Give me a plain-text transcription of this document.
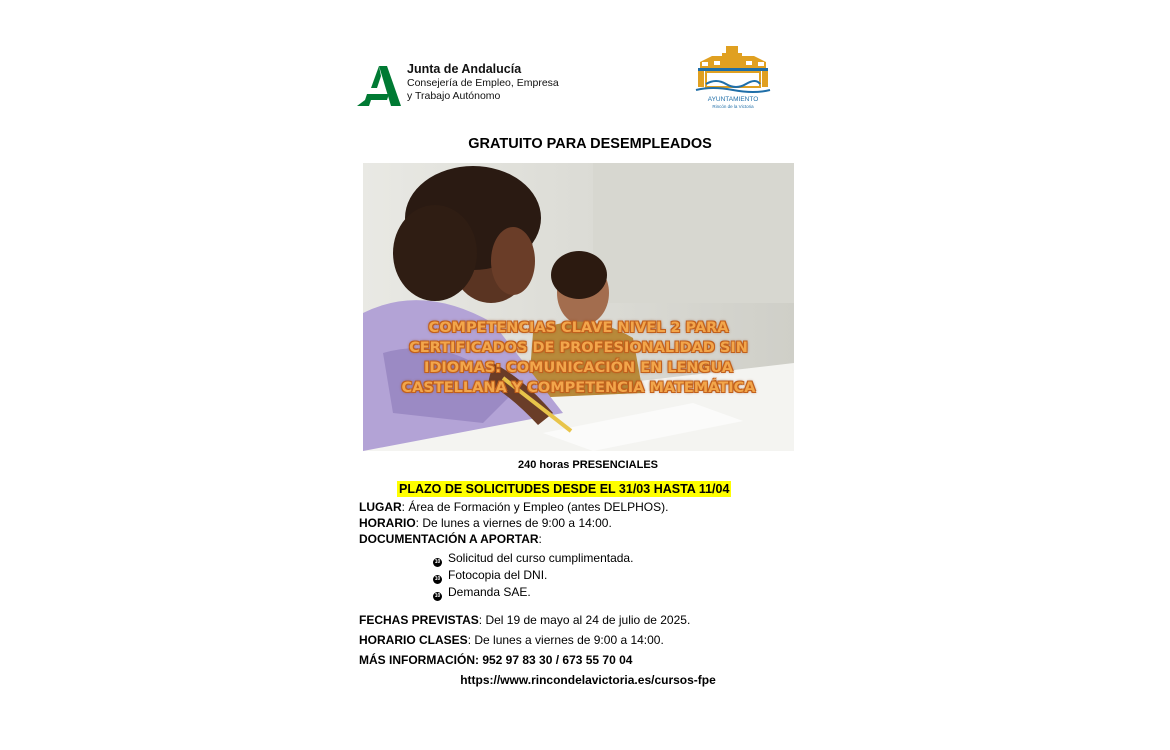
Junta de Andalucía
Consejería de Empleo, Empresa
y Trabajo Autónomo	AYUNTAMIENTO
Rincón de la Victoria
GRATUITO PARA DESEMPLEADOS
COMPETENCIAS CLAVE NIVEL 2 PARA CERTIFICADOS DE PROFESIONALIDAD SIN IDIOMAS: COMUNICACIÓN EN LENGUA CASTELLANA Y COMPETENCIA MATEMÁTICA
240 horas PRESENCIALES
PLAZO DE SOLICITUDES DESDE EL 31/03 HASTA 11/04
LUGAR: Área de Formación y Empleo (antes DELPHOS).
HORARIO: De lunes a viernes de 9:00 a 14:00.
DOCUMENTACIÓN A APORTAR:
10 Solicitud del curso cumplimentada.
10 Fotocopia del DNI.
10 Demanda SAE.
FECHAS PREVISTAS: Del 19 de mayo al 24 de julio de 2025.
HORARIO CLASES: De lunes a viernes de 9:00 a 14:00.
MÁS INFORMACIÓN: 952 97 83 30 / 673 55 70 04
https://www.rincondelavictoria.es/cursos-fpe
